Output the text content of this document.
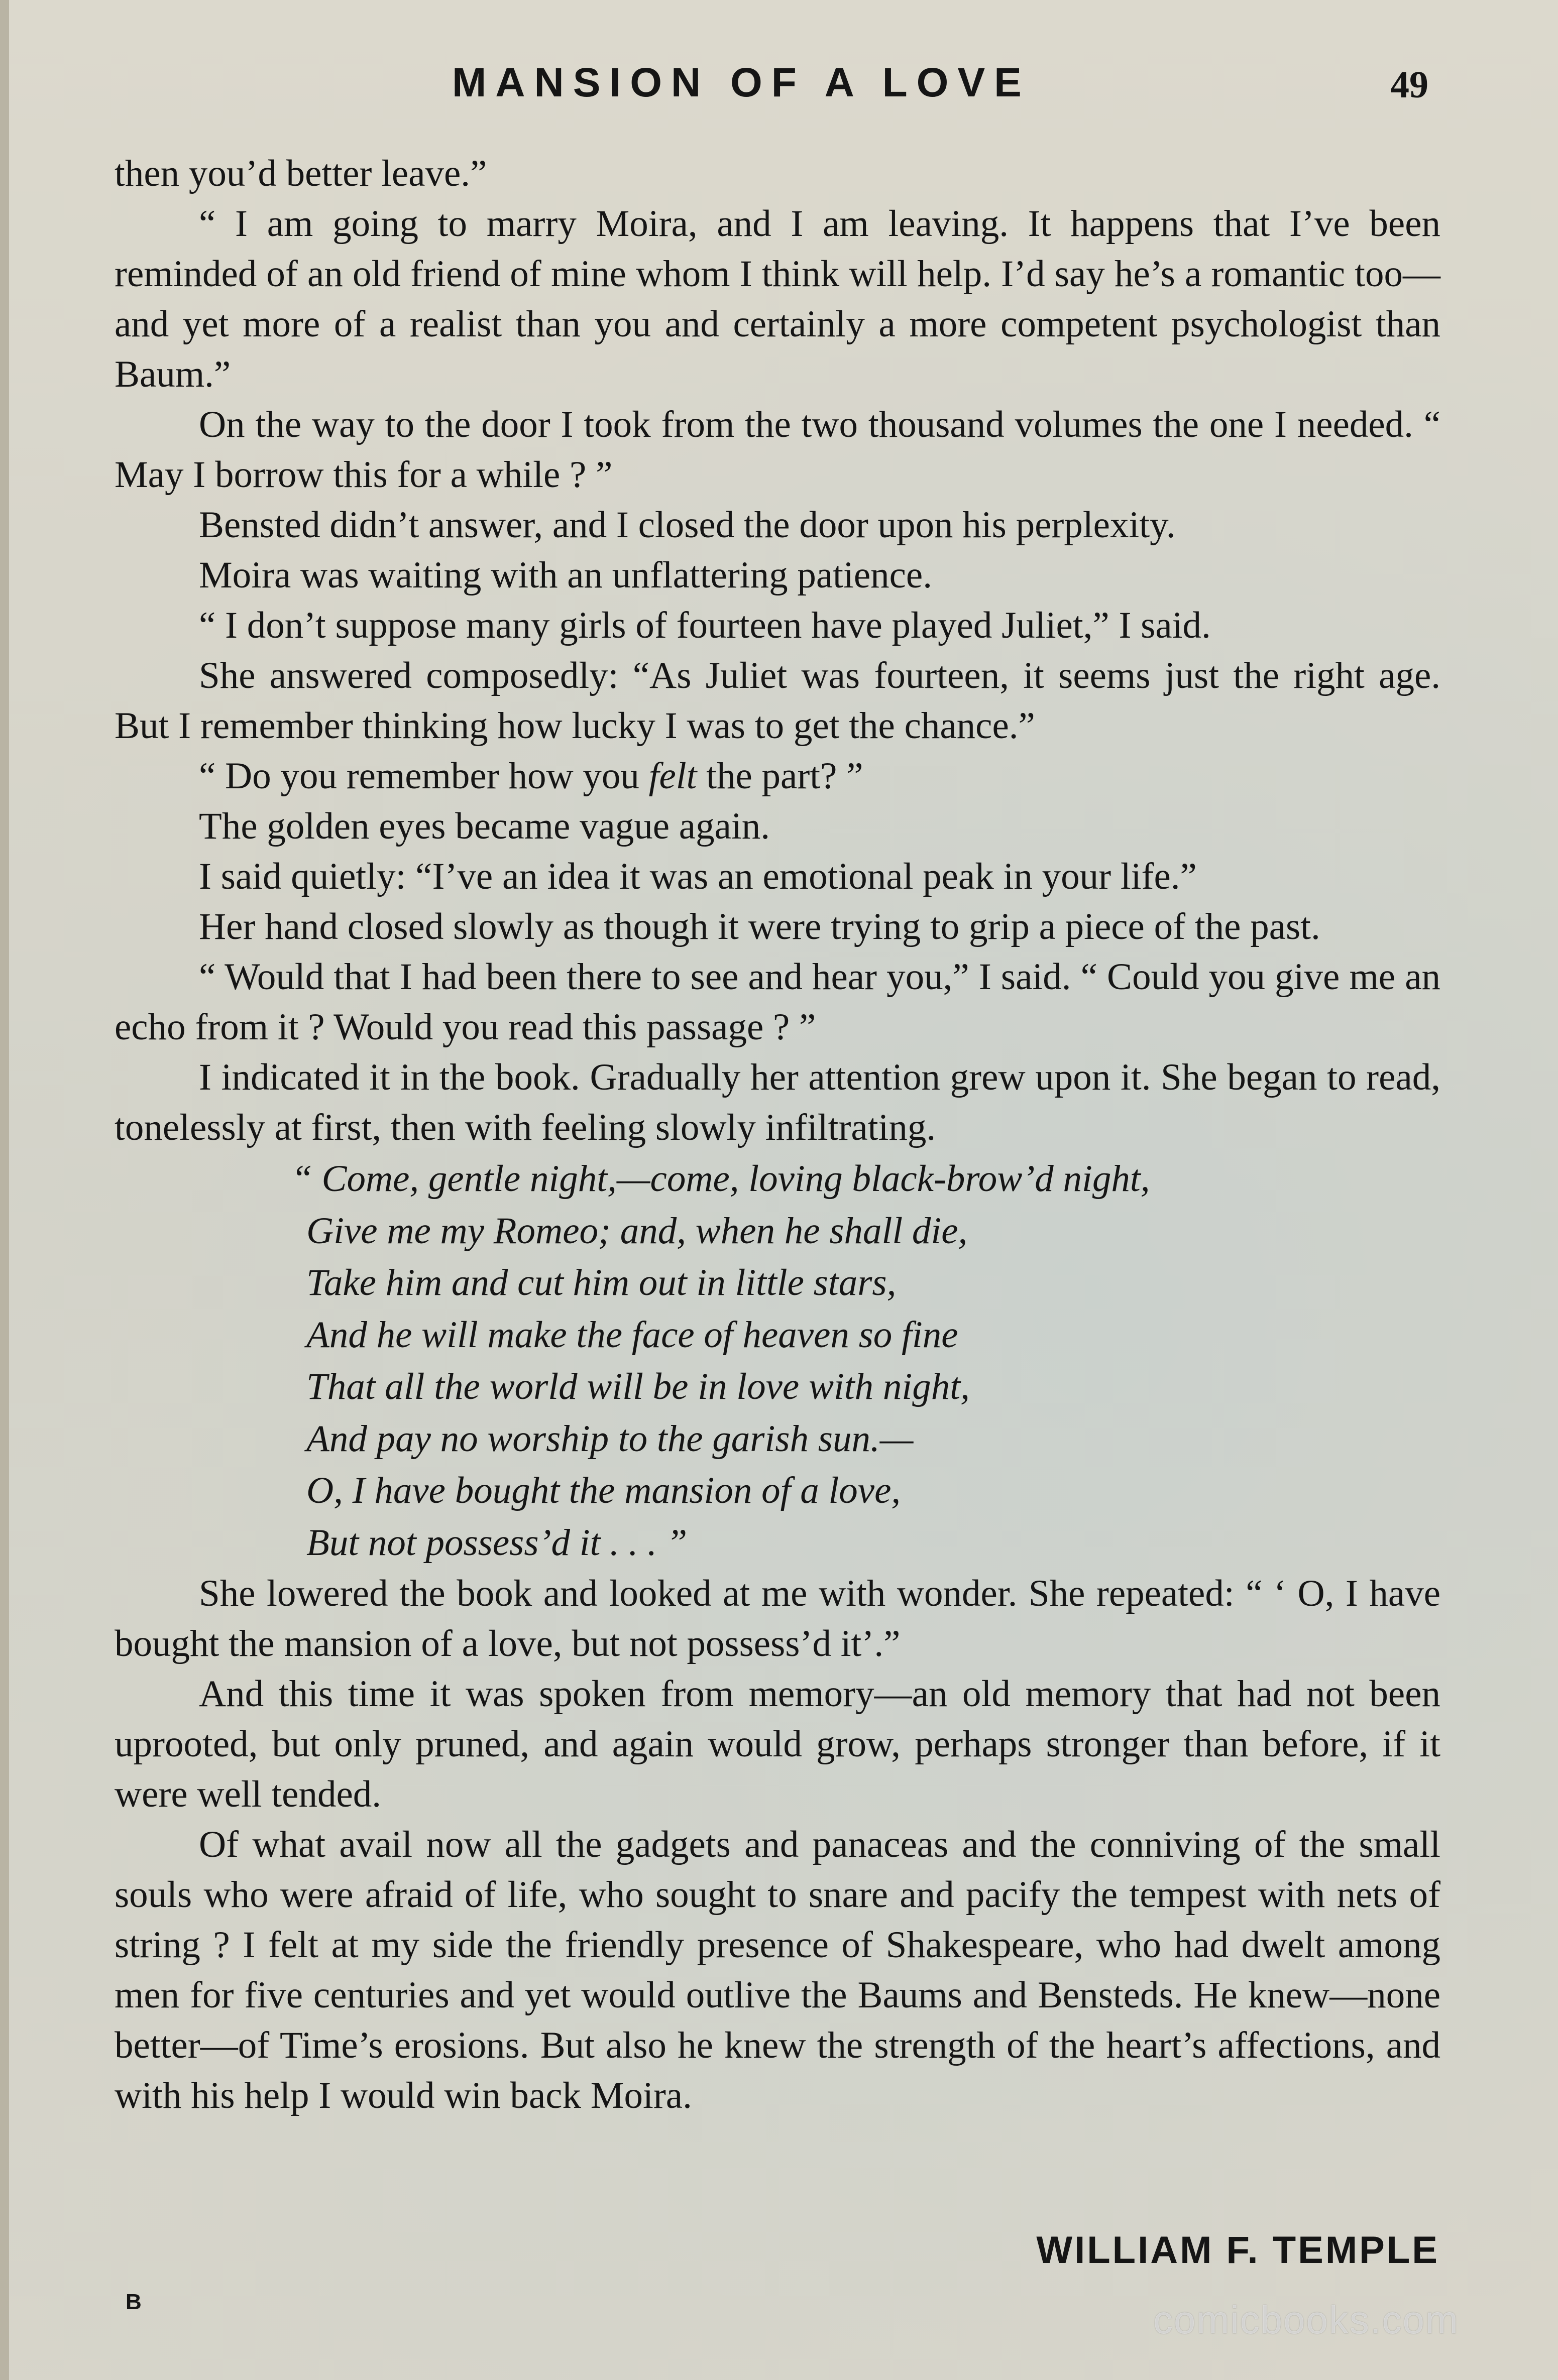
MANSION OF A LOVE	49

then you’d better leave.”

“ I am going to marry Moira, and I am leaving. It happens that I’ve been reminded of an old friend of mine whom I think will help. I’d say he’s a romantic too—and yet more of a realist than you and certainly a more competent psychologist than Baum.”

On the way to the door I took from the two thousand volumes the one I needed. “ May I borrow this for a while ? ”

Bensted didn’t answer, and I closed the door upon his perplexity.

Moira was waiting with an unflattering patience.

“ I don’t suppose many girls of fourteen have played Juliet,” I said.

She answered composedly: “As Juliet was fourteen, it seems just the right age. But I remember thinking how lucky I was to get the chance.”

“ Do you remember how you felt the part? ”

The golden eyes became vague again.

I said quietly: “I’ve an idea it was an emotional peak in your life.”

Her hand closed slowly as though it were trying to grip a piece of the past.

“ Would that I had been there to see and hear you,” I said. “ Could you give me an echo from it ? Would you read this passage ? ”

I indicated it in the book. Gradually her attention grew upon it. She began to read, tonelessly at first, then with feeling slowly infiltrating.

“ Come, gentle night,—come, loving black-brow’d night,
Give me my Romeo; and, when he shall die,
Take him and cut him out in little stars,
And he will make the face of heaven so fine
That all the world will be in love with night,
And pay no worship to the garish sun.—
O, I have bought the mansion of a love,
But not possess’d it . . . ”

She lowered the book and looked at me with wonder. She repeated: “ ‘ O, I have bought the mansion of a love, but not possess’d it’.”

And this time it was spoken from memory—an old memory that had not been uprooted, but only pruned, and again would grow, perhaps stronger than before, if it were well tended.

Of what avail now all the gadgets and panaceas and the conniving of the small souls who were afraid of life, who sought to snare and pacify the tempest with nets of string ? I felt at my side the friendly presence of Shakespeare, who had dwelt among men for five centuries and yet would outlive the Baums and Bensteds. He knew—none better—of Time’s erosions. But also he knew the strength of the heart’s affections, and with his help I would win back Moira.

WILLIAM F. TEMPLE
B	comicbooks.com
